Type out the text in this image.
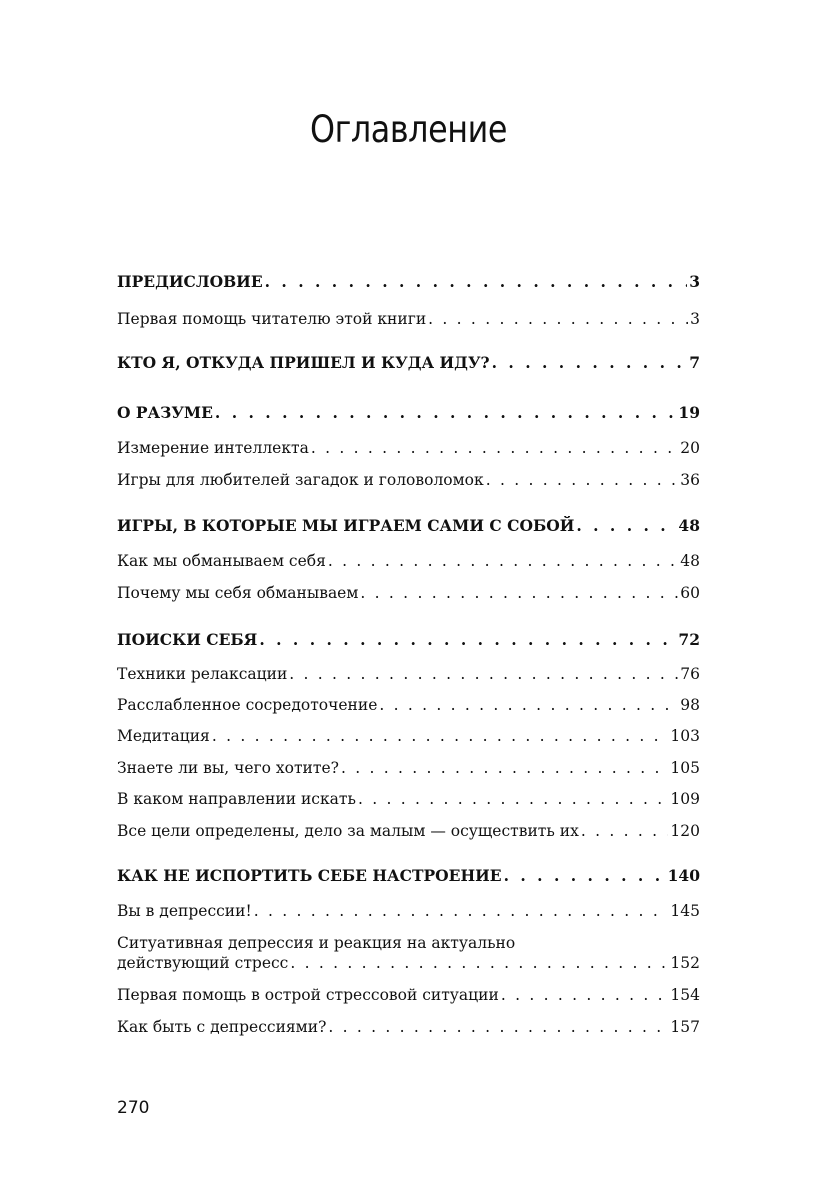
Оглавление
ПРЕДИСЛОВИЕ . . .	3
Первая помощь читателю этой книги . . .	3
КТО Я, ОТКУДА ПРИШЕЛ И КУДА ИДУ? . . .	7
О РАЗУМЕ . . .	19
Измерение интеллекта . . .	20
Игры для любителей загадок и головоломок . . .	36
ИГРЫ, В КОТОРЫЕ МЫ ИГРАЕМ САМИ С СОБОЙ . . .	48
Как мы обманываем себя . . .	48
Почему мы себя обманываем . . .	60
ПОИСКИ СЕБЯ . . .	72
Техники релаксации . . .	76
Расслабленное сосредоточение . . .	98
Медитация . . .	103
Знаете ли вы, чего хотите? . . .	105
В каком направлении искать . . .	109
Все цели определены, дело за малым — осуществить их . . .	120
КАК НЕ ИСПОРТИТЬ СЕБЕ НАСТРОЕНИЕ . . .	140
Вы в депрессии! . . .	145
Ситуативная депрессия и реакция на актуально
действующий стресс . . .	152
Первая помощь в острой стрессовой ситуации . . .	154
Как быть с депрессиями? . . .	157
270
